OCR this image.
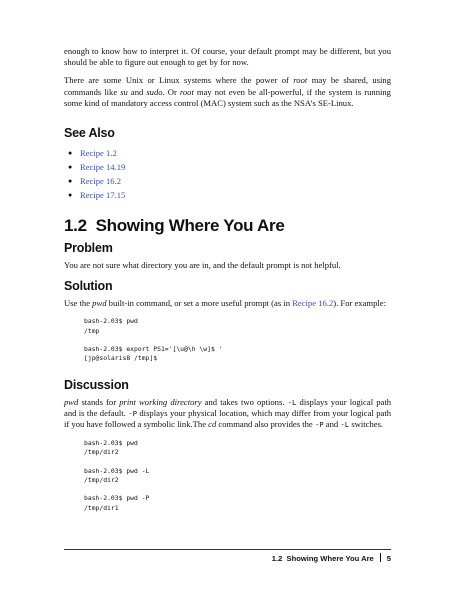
enough to know how to interpret it. Of course, your default prompt may be different, but you should be able to figure out enough to get by for now.

There are some Unix or Linux systems where the power of root may be shared, using commands like su and sudo. Or root may not even be all-powerful, if the system is running some kind of mandatory access control (MAC) system such as the NSA’s SE-Linux.

See Also
● Recipe 1.2
● Recipe 14.19
● Recipe 16.2
● Recipe 17.15
1.2  Showing Where You Are
Problem

You are not sure what directory you are in, and the default prompt is not helpful.

Solution

Use the pwd built-in command, or set a more useful prompt (as in Recipe 16.2). For example:

bash-2.03$ pwd
/tmp

bash-2.03$ export PS1='[\u@\h \w]$ '
[jp@solaris8 /tmp]$
Discussion

pwd stands for print working directory and takes two options. -L displays your logical path and is the default. -P displays your physical location, which may differ from your logical path if you have followed a symbolic link.The cd command also provides the -P and -L switches.

bash-2.03$ pwd
/tmp/dir2

bash-2.03$ pwd -L
/tmp/dir2

bash-2.03$ pwd -P
/tmp/dir1
1.2  Showing Where You Are 5
